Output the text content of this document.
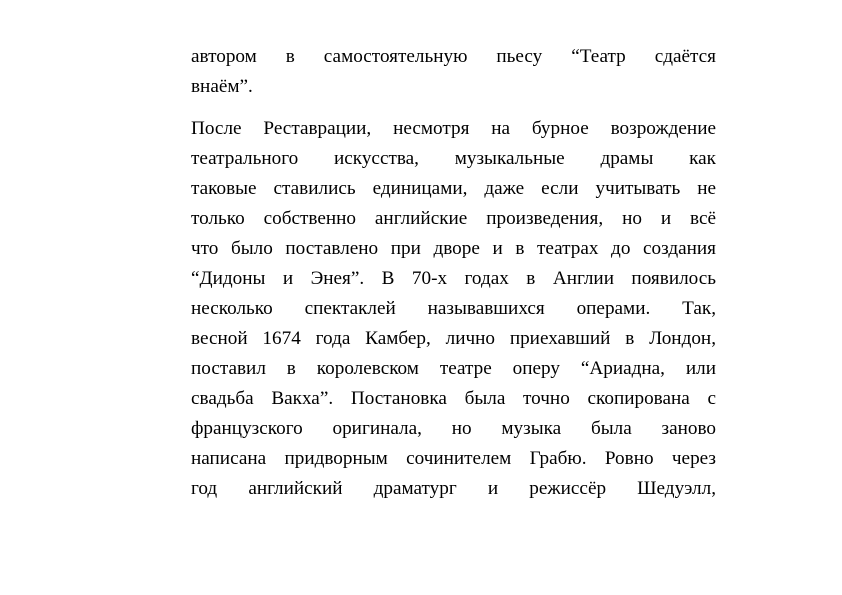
автором в самостоятельную пьесу “Театр сдаётся
внаём”.
После Реставрации, несмотря на бурное возрождение
театрального искусства, музыкальные драмы как
таковые ставились единицами, даже если учитывать не
только собственно английские произведения, но и всё
что было поставлено при дворе и в театрах до создания
“Дидоны и Энея”. В 70-х годах в Англии появилось
несколько спектаклей называвшихся операми. Так,
весной 1674 года Камбер, лично приехавший в Лондон,
поставил в королевском театре оперу “Ариадна, или
свадьба Вакха”. Постановка была точно скопирована с
французского оригинала, но музыка была заново
написана придворным сочинителем Грабю. Ровно через
год английский драматург и режиссёр Шедуэлл,
